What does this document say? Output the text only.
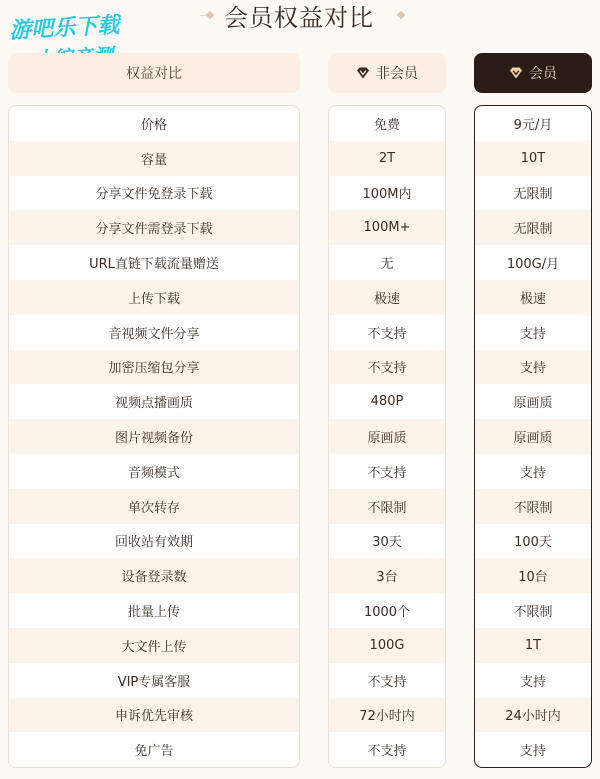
会员权益对比
游吧乐下载
权益对比	非会员	会员
价格
容量
分享文件免登录下载
分享文件需登录下载
URL直链下载流量赠送
上传下载
音视频文件分享
加密压缩包分享
视频点播画质
图片视频备份
音频模式
单次转存
回收站有效期
设备登录数
批量上传
大文件上传
VIP专属客服
申诉优先审核
免广告
免费
2T
100M内
100M+
无
极速
不支持
不支持
480P
原画质
不支持
不限制
30天
3台
1000个
100G
不支持
72小时内
不支持
9元/月
10T
无限制
无限制
100G/月
极速
支持
支持
原画质
原画质
支持
不限制
100天
10台
不限制
1T
支持
24小时内
支持
